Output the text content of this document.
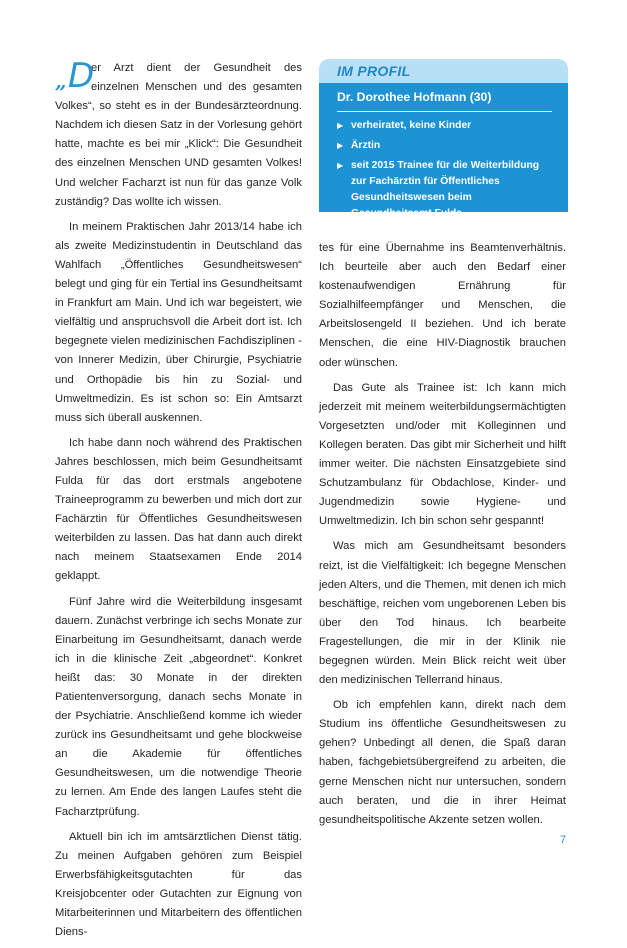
IM PROFIL
Dr. Dorothee Hofmann (30)
▶ verheiratet, keine Kinder
▶ Ärztin
▶ seit 2015 Trainee für die Weiterbildung zur Fachärztin für Öffentliches Gesundheitswesen beim Gesundheitsamt Fulda

„ D
er Arzt dient der Gesundheit des einzelnen Menschen und des gesamten Volkes“, so steht es in der Bundesärzteordnung. Nachdem ich diesen Satz in der Vorlesung gehört hatte, machte es bei mir „Klick“: Die Gesundheit des einzelnen Menschen UND gesamten Volkes! Und welcher Facharzt ist nun für das ganze Volk zuständig? Das wollte ich wissen.

In meinem Praktischen Jahr 2013/14 habe ich als zweite Medizinstudentin in Deutschland das Wahlfach „Öffentliches Gesundheitswesen“ belegt und ging für ein Tertial ins Gesundheitsamt in Frankfurt am Main. Und ich war begeistert, wie vielfältig und anspruchsvoll die Arbeit dort ist. Ich begegnete vielen medizinischen Fachdisziplinen - von Innerer Medizin, über Chirurgie, Psychiatrie und Orthopädie bis hin zu Sozial- und Umweltmedizin. Es ist schon so: Ein Amtsarzt muss sich überall auskennen.

Ich habe dann noch während des Praktischen Jahres beschlossen, mich beim Gesundheitsamt Fulda für das dort erstmals angebotene Traineeprogramm zu bewerben und mich dort zur Fachärztin für Öffentliches Gesundheitswesen weiterbilden zu lassen. Das hat dann auch direkt nach meinem Staatsexamen Ende 2014 geklappt.

Fünf Jahre wird die Weiterbildung insgesamt dauern. Zunächst verbringe ich sechs Monate zur Einarbeitung im Gesundheitsamt, danach werde ich in die klinische Zeit „abgeordnet“. Konkret heißt das: 30 Monate in der direkten Patientenversorgung, danach sechs Monate in der Psychiatrie. Anschließend komme ich wieder zurück ins Gesundheitsamt und gehe blockweise an die Akademie für öffentliches Gesundheitswesen, um die notwendige Theorie zu lernen. Am Ende des langen Laufes steht die Facharztprüfung.

Aktuell bin ich im amtsärztlichen Dienst tätig. Zu meinen Aufgaben gehören zum Beispiel Erwerbsfähigkeitsgutachten für das Kreisjobcenter oder Gutachten zur Eignung von Mitarbeiterinnen und Mitarbeitern des öffentlichen Diens-

tes für eine Übernahme ins Beamtenverhältnis. Ich beurteile aber auch den Bedarf einer kostenaufwendigen Ernährung für Sozialhilfeempfänger und Menschen, die Arbeitslosengeld II beziehen. Und ich berate Menschen, die eine HIV-Diagnostik brauchen oder wünschen.

Das Gute als Trainee ist: Ich kann mich jederzeit mit meinem weiterbildungsermächtigten Vorgesetzten und/oder mit Kolleginnen und Kollegen beraten. Das gibt mir Sicherheit und hilft immer weiter. Die nächsten Einsatzgebiete sind Schutzambulanz für Obdachlose, Kinder- und Jugendmedizin sowie Hygiene- und Umweltmedizin. Ich bin schon sehr gespannt!

Was mich am Gesundheitsamt besonders reizt, ist die Vielfältigkeit: Ich begegne Menschen jeden Alters, und die Themen, mit denen ich mich beschäftige, reichen vom ungeborenen Leben bis über den Tod hinaus. Ich bearbeite Fragestellungen, die mir in der Klinik nie begegnen würden. Mein Blick reicht weit über den medizinischen Tellerrand hinaus.

Ob ich empfehlen kann, direkt nach dem Studium ins öffentliche Gesundheitswesen zu gehen? Unbedingt all denen, die Spaß daran haben, fachgebietsübergreifend zu arbeiten, die gerne Menschen nicht nur untersuchen, sondern auch beraten, und die in ihrer Heimat gesundheitspolitische Akzente setzen wollen.

7
